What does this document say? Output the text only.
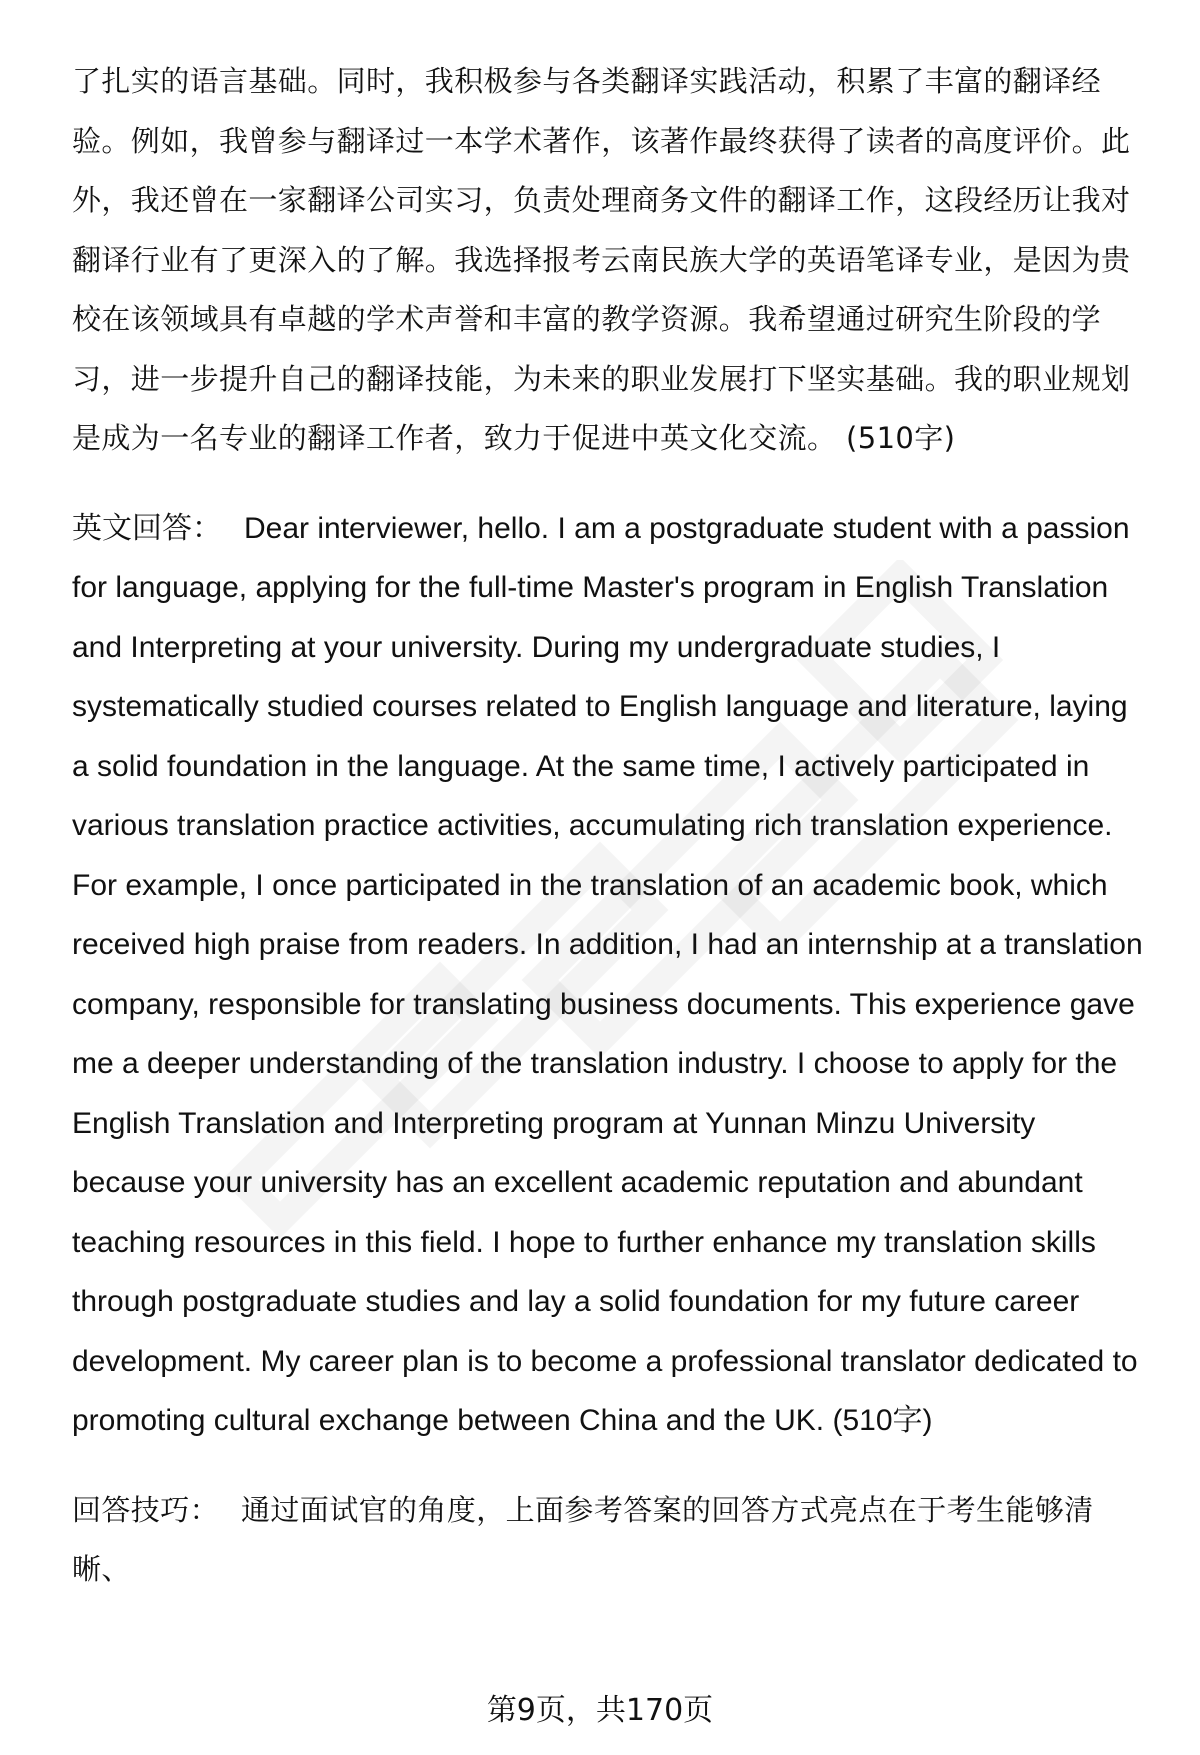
了扎实的语言基础。同时，我积极参与各类翻译实践活动，积累了丰富的翻译经验。例如，我曾参与翻译过一本学术著作，该著作最终获得了读者的高度评价。此外，我还曾在一家翻译公司实习，负责处理商务文件的翻译工作，这段经历让我对翻译行业有了更深入的了解。我选择报考云南民族大学的英语笔译专业，是因为贵校在该领域具有卓越的学术声誉和丰富的教学资源。我希望通过研究生阶段的学习，进一步提升自己的翻译技能，为未来的职业发展打下坚实基础。我的职业规划是成为一名专业的翻译工作者，致力于促进中英文化交流。 (510字)

英文回答： Dear interviewer, hello. I am a postgraduate student with a passion for language, applying for the full-time Master's program in English Translation and Interpreting at your university. During my undergraduate studies, I systematically studied courses related to English language and literature, laying a solid foundation in the language. At the same time, I actively participated in various translation practice activities, accumulating rich translation experience. For example, I once participated in the translation of an academic book, which received high praise from readers. In addition, I had an internship at a translation company, responsible for translating business documents. This experience gave me a deeper understanding of the translation industry. I choose to apply for the English Translation and Interpreting program at Yunnan Minzu University because your university has an excellent academic reputation and abundant teaching resources in this field. I hope to further enhance my translation skills through postgraduate studies and lay a solid foundation for my future career development. My career plan is to become a professional translator dedicated to promoting cultural exchange between China and the UK. (510字)

回答技巧： 通过面试官的角度，上面参考答案的回答方式亮点在于考生能够清晰、

第9页，共170页
